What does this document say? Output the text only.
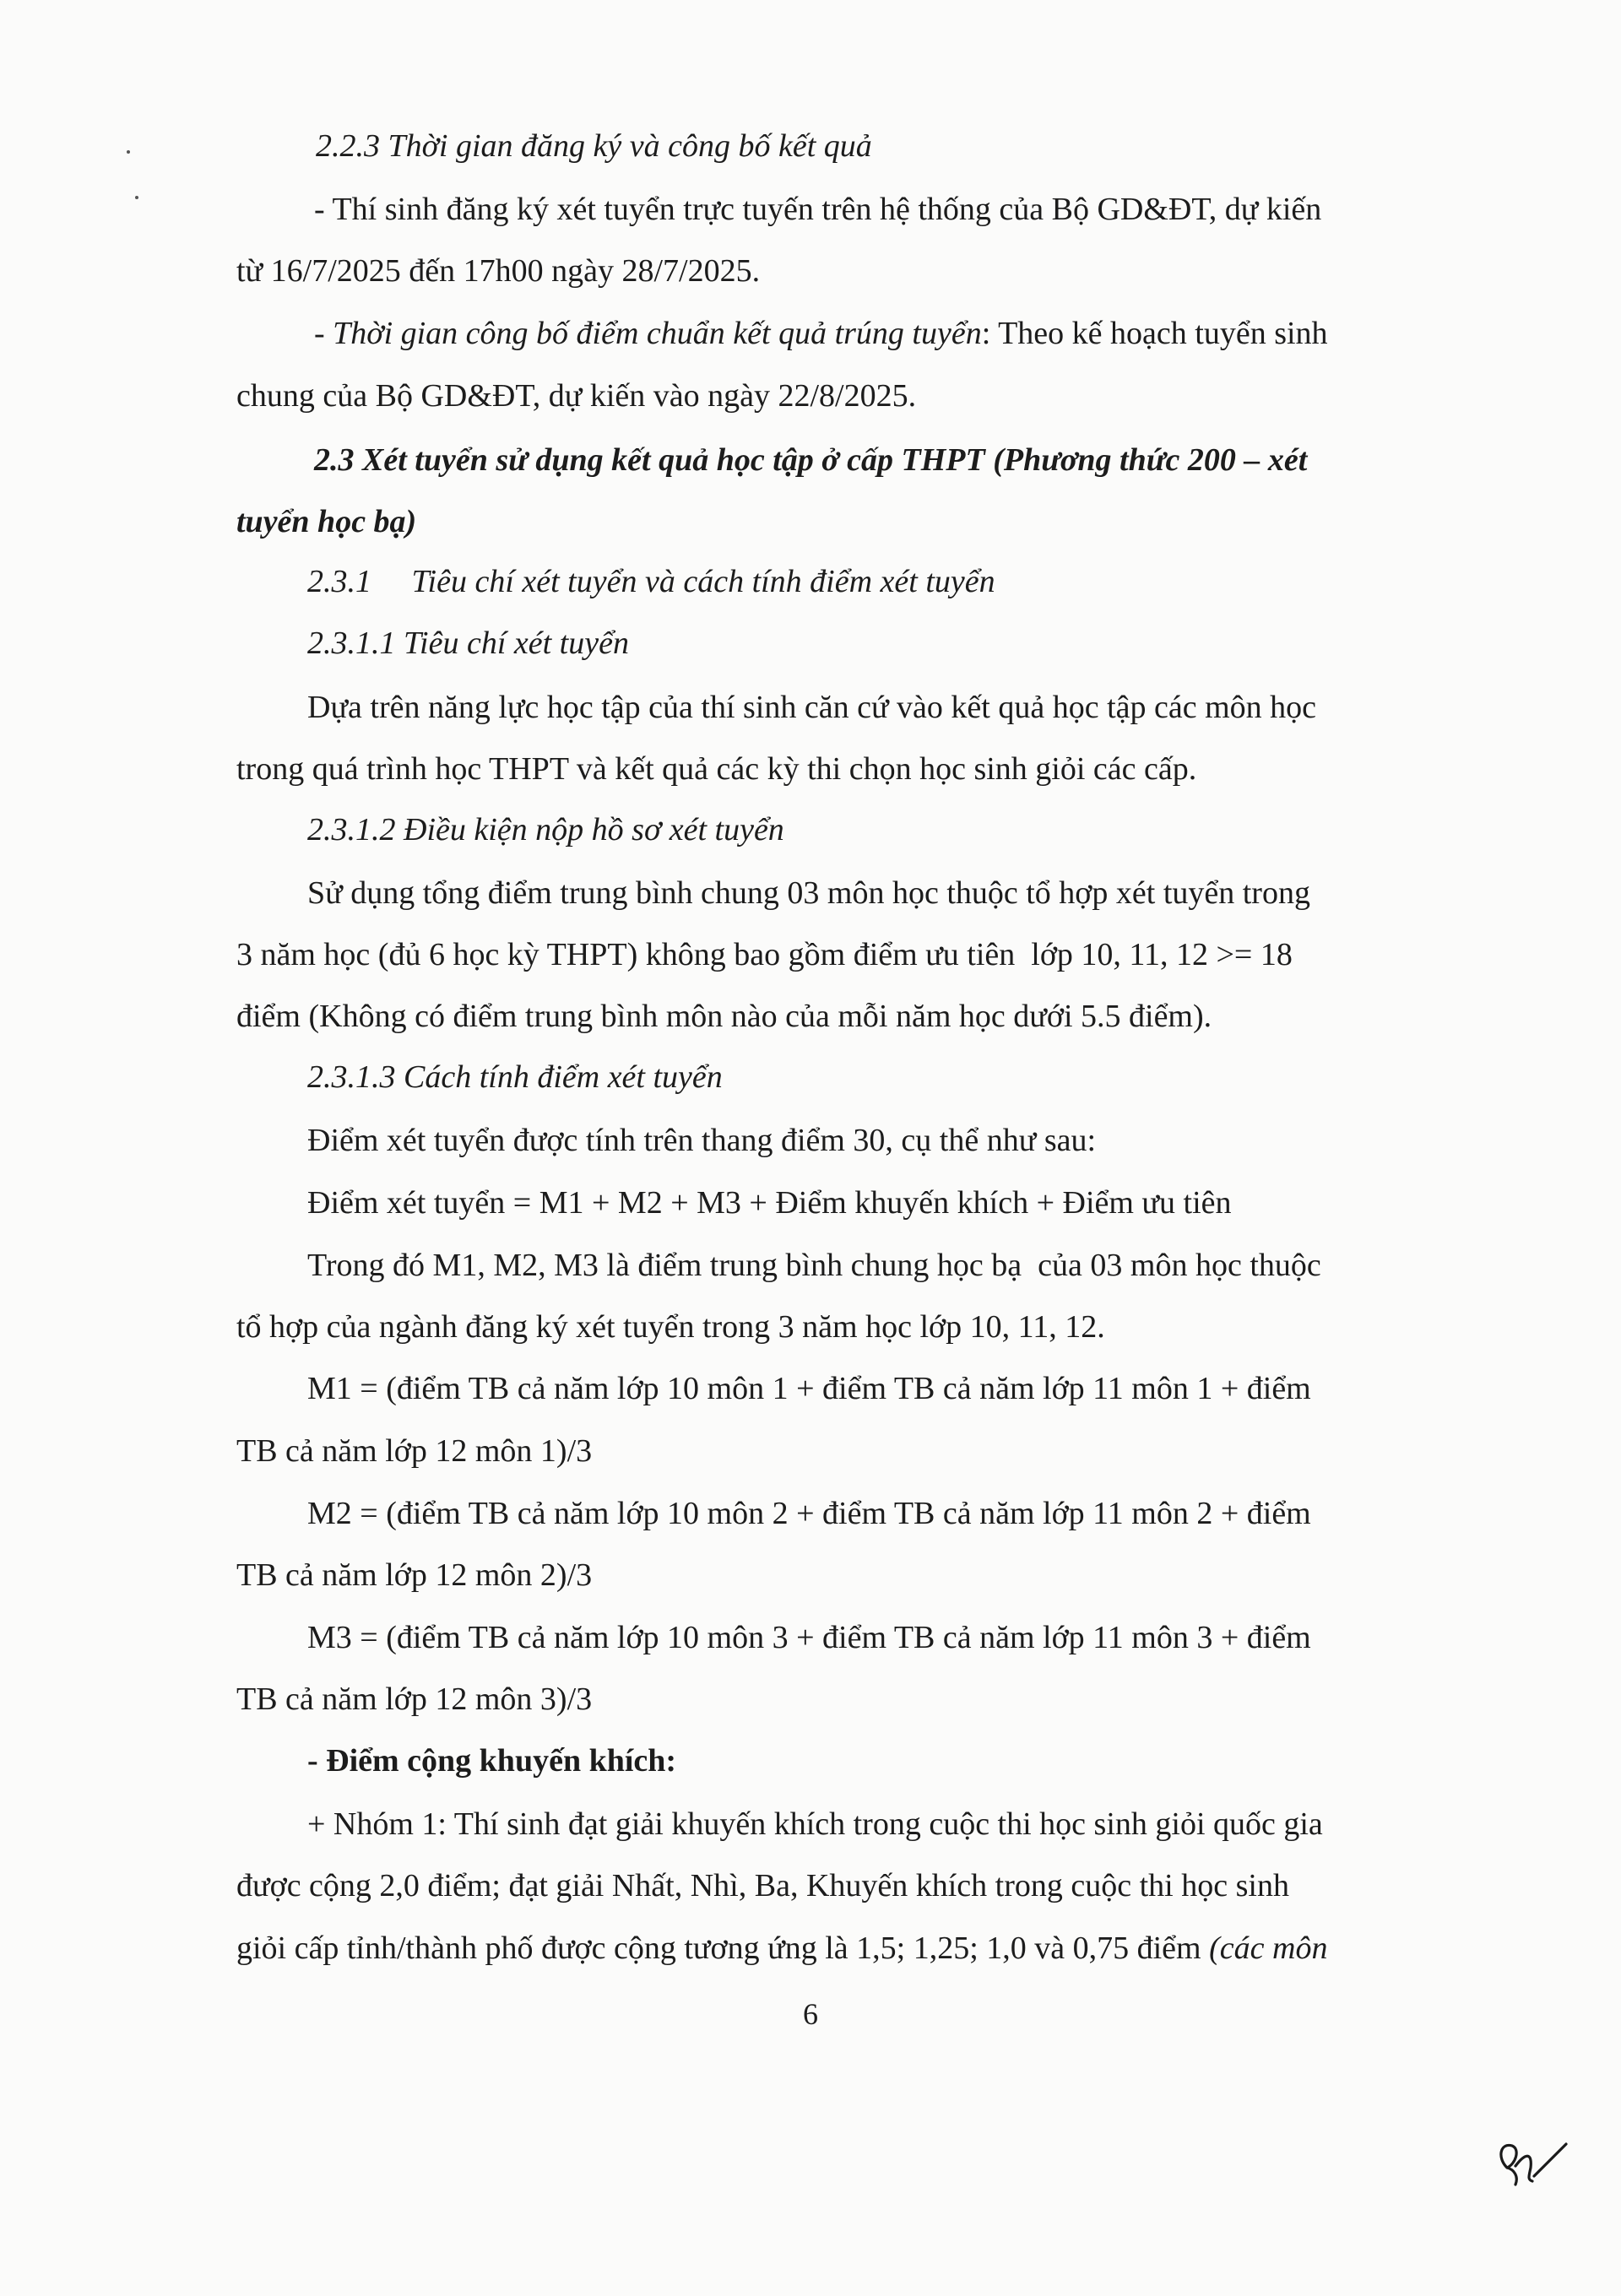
2.2.3 Thời gian đăng ký và công bố kết quả
- Thí sinh đăng ký xét tuyển trực tuyến trên hệ thống của Bộ GD&ĐT, dự kiến
từ 16/7/2025 đến 17h00 ngày 28/7/2025.
- Thời gian công bố điểm chuẩn kết quả trúng tuyển: Theo kế hoạch tuyển sinh
chung của Bộ GD&ĐT, dự kiến vào ngày 22/8/2025.
2.3 Xét tuyển sử dụng kết quả học tập ở cấp THPT (Phương thức 200 – xét
tuyển học bạ)
2.3.1     Tiêu chí xét tuyển và cách tính điểm xét tuyển
2.3.1.1 Tiêu chí xét tuyển
Dựa trên năng lực học tập của thí sinh căn cứ vào kết quả học tập các môn học
trong quá trình học THPT và kết quả các kỳ thi chọn học sinh giỏi các cấp.
2.3.1.2 Điều kiện nộp hồ sơ xét tuyển
Sử dụng tổng điểm trung bình chung 03 môn học thuộc tổ hợp xét tuyển trong
3 năm học (đủ 6 học kỳ THPT) không bao gồm điểm ưu tiên  lớp 10, 11, 12 >= 18
điểm (Không có điểm trung bình môn nào của mỗi năm học dưới 5.5 điểm).
2.3.1.3 Cách tính điểm xét tuyển
Điểm xét tuyển được tính trên thang điểm 30, cụ thể như sau:
Điểm xét tuyển = M1 + M2 + M3 + Điểm khuyến khích + Điểm ưu tiên
Trong đó M1, M2, M3 là điểm trung bình chung học bạ  của 03 môn học thuộc
tổ hợp của ngành đăng ký xét tuyển trong 3 năm học lớp 10, 11, 12.
M1 = (điểm TB cả năm lớp 10 môn 1 + điểm TB cả năm lớp 11 môn 1 + điểm
TB cả năm lớp 12 môn 1)/3
M2 = (điểm TB cả năm lớp 10 môn 2 + điểm TB cả năm lớp 11 môn 2 + điểm
TB cả năm lớp 12 môn 2)/3
M3 = (điểm TB cả năm lớp 10 môn 3 + điểm TB cả năm lớp 11 môn 3 + điểm
TB cả năm lớp 12 môn 3)/3
- Điểm cộng khuyến khích:
+ Nhóm 1: Thí sinh đạt giải khuyến khích trong cuộc thi học sinh giỏi quốc gia
được cộng 2,0 điểm; đạt giải Nhất, Nhì, Ba, Khuyến khích trong cuộc thi học sinh
giỏi cấp tỉnh/thành phố được cộng tương ứng là 1,5; 1,25; 1,0 và 0,75 điểm (các môn
6
